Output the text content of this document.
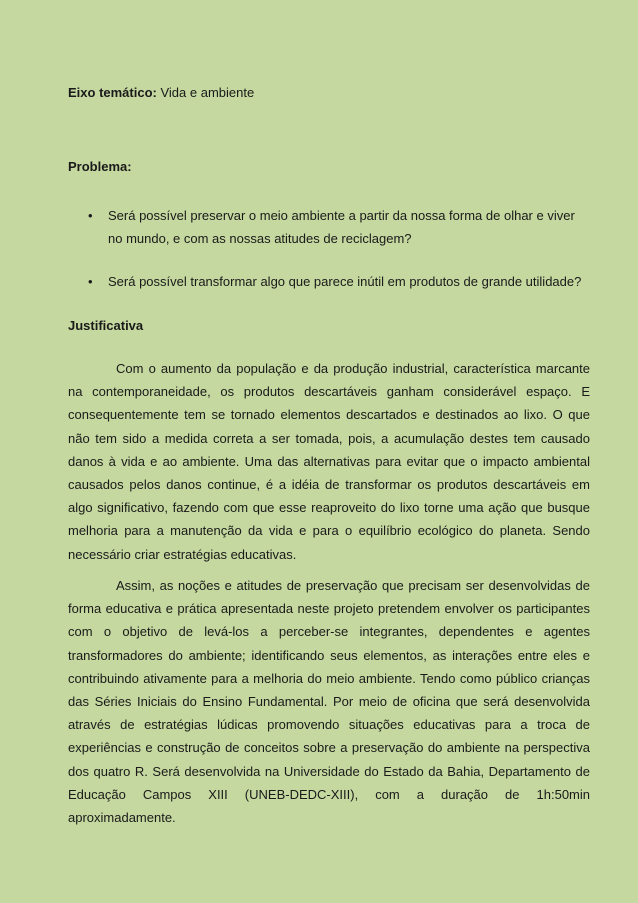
Eixo temático: Vida e ambiente

Problema:

• Será possível preservar o meio ambiente a partir da nossa forma de olhar e viver no mundo, e com as nossas atitudes de reciclagem?
• Será possível transformar algo que parece inútil em produtos de grande utilidade?

Justificativa

Com o aumento da população e da produção industrial, característica marcante na contemporaneidade, os produtos descartáveis ganham considerável espaço. E consequentemente tem se tornado elementos descartados e destinados ao lixo. O que não tem sido a medida correta a ser tomada, pois, a acumulação destes tem causado danos à vida e ao ambiente. Uma das alternativas para evitar que o impacto ambiental causados pelos danos continue, é a idéia de transformar os produtos descartáveis em algo significativo, fazendo com que esse reaproveito do lixo torne uma ação que busque melhoria para a manutenção da vida e para o equilíbrio ecológico do planeta. Sendo necessário criar estratégias educativas.

Assim, as noções e atitudes de preservação que precisam ser desenvolvidas de forma educativa e prática apresentada neste projeto pretendem envolver os participantes com o objetivo de levá-los a perceber-se integrantes, dependentes e agentes transformadores do ambiente; identificando seus elementos, as interações entre eles e contribuindo ativamente para a melhoria do meio ambiente. Tendo como público crianças das Séries Iniciais do Ensino Fundamental. Por meio de oficina que será desenvolvida através de estratégias lúdicas promovendo situações educativas para a troca de experiências e construção de conceitos sobre a preservação do ambiente na perspectiva dos quatro R. Será desenvolvida na Universidade do Estado da Bahia, Departamento de Educação Campos XIII (UNEB-DEDC-XIII), com a duração de 1h:50min aproximadamente.
